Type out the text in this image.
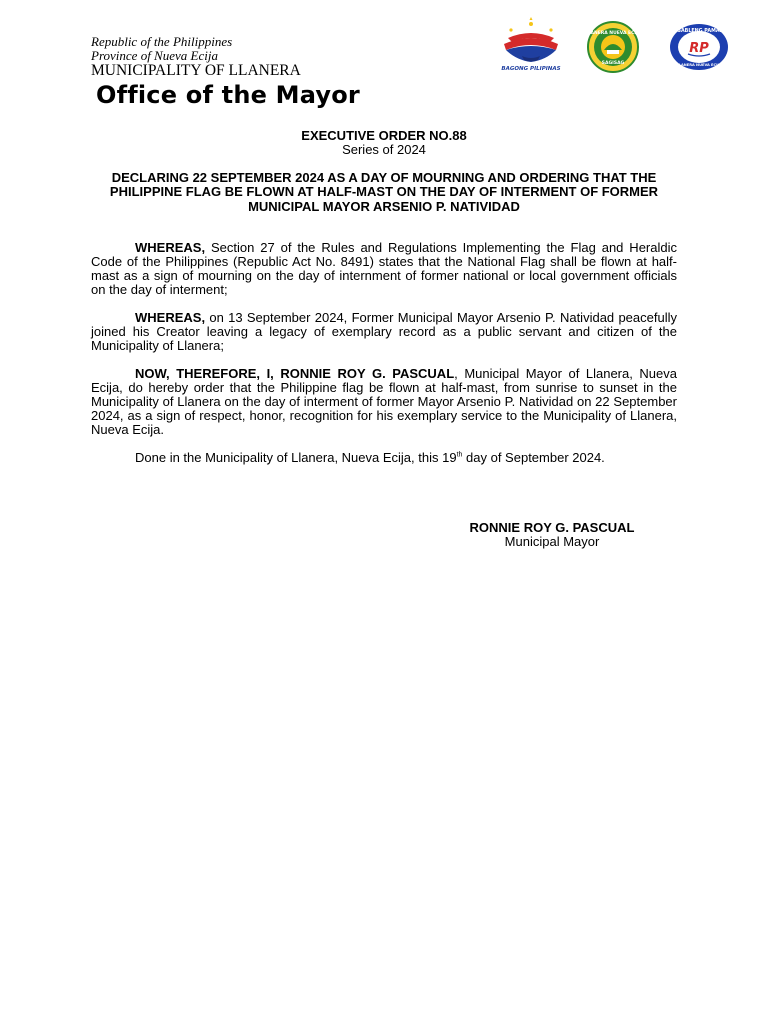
Republic of the Philippines
Province of Nueva Ecija
MUNICIPALITY OF LLANERA
Office of the Mayor
BAGONG PILIPINAS
LLANERA NUEVA ECIJA
SAGISAG
RESPONSABLENG PAMAMAHALA
RP
LLANERA NUEVA ECIJA
EXECUTIVE ORDER NO.88
Series of 2024
DECLARING 22 SEPTEMBER 2024 AS A DAY OF MOURNING AND ORDERING THAT THE PHILIPPINE FLAG BE FLOWN AT HALF-MAST ON THE DAY OF INTERMENT OF FORMER MUNICIPAL MAYOR ARSENIO P. NATIVIDAD
WHEREAS, Section 27 of the Rules and Regulations Implementing the Flag and Heraldic Code of the Philippines (Republic Act No. 8491) states that the National Flag shall be flown at half-mast as a sign of mourning on the day of internment of former national or local government officials on the day of interment;
WHEREAS, on 13 September 2024, Former Municipal Mayor Arsenio P. Natividad peacefully joined his Creator leaving a legacy of exemplary record as a public servant and citizen of the Municipality of Llanera;
NOW, THEREFORE, I, RONNIE ROY G. PASCUAL, Municipal Mayor of Llanera, Nueva Ecija, do hereby order that the Philippine flag be flown at half-mast, from sunrise to sunset in the Municipality of Llanera on the day of interment of former Mayor Arsenio P. Natividad on 22 September 2024, as a sign of respect, honor, recognition for his exemplary service to the Municipality of Llanera, Nueva Ecija.
Done in the Municipality of Llanera, Nueva Ecija, this 19th day of September 2024.
RONNIE ROY G. PASCUAL
Municipal Mayor
